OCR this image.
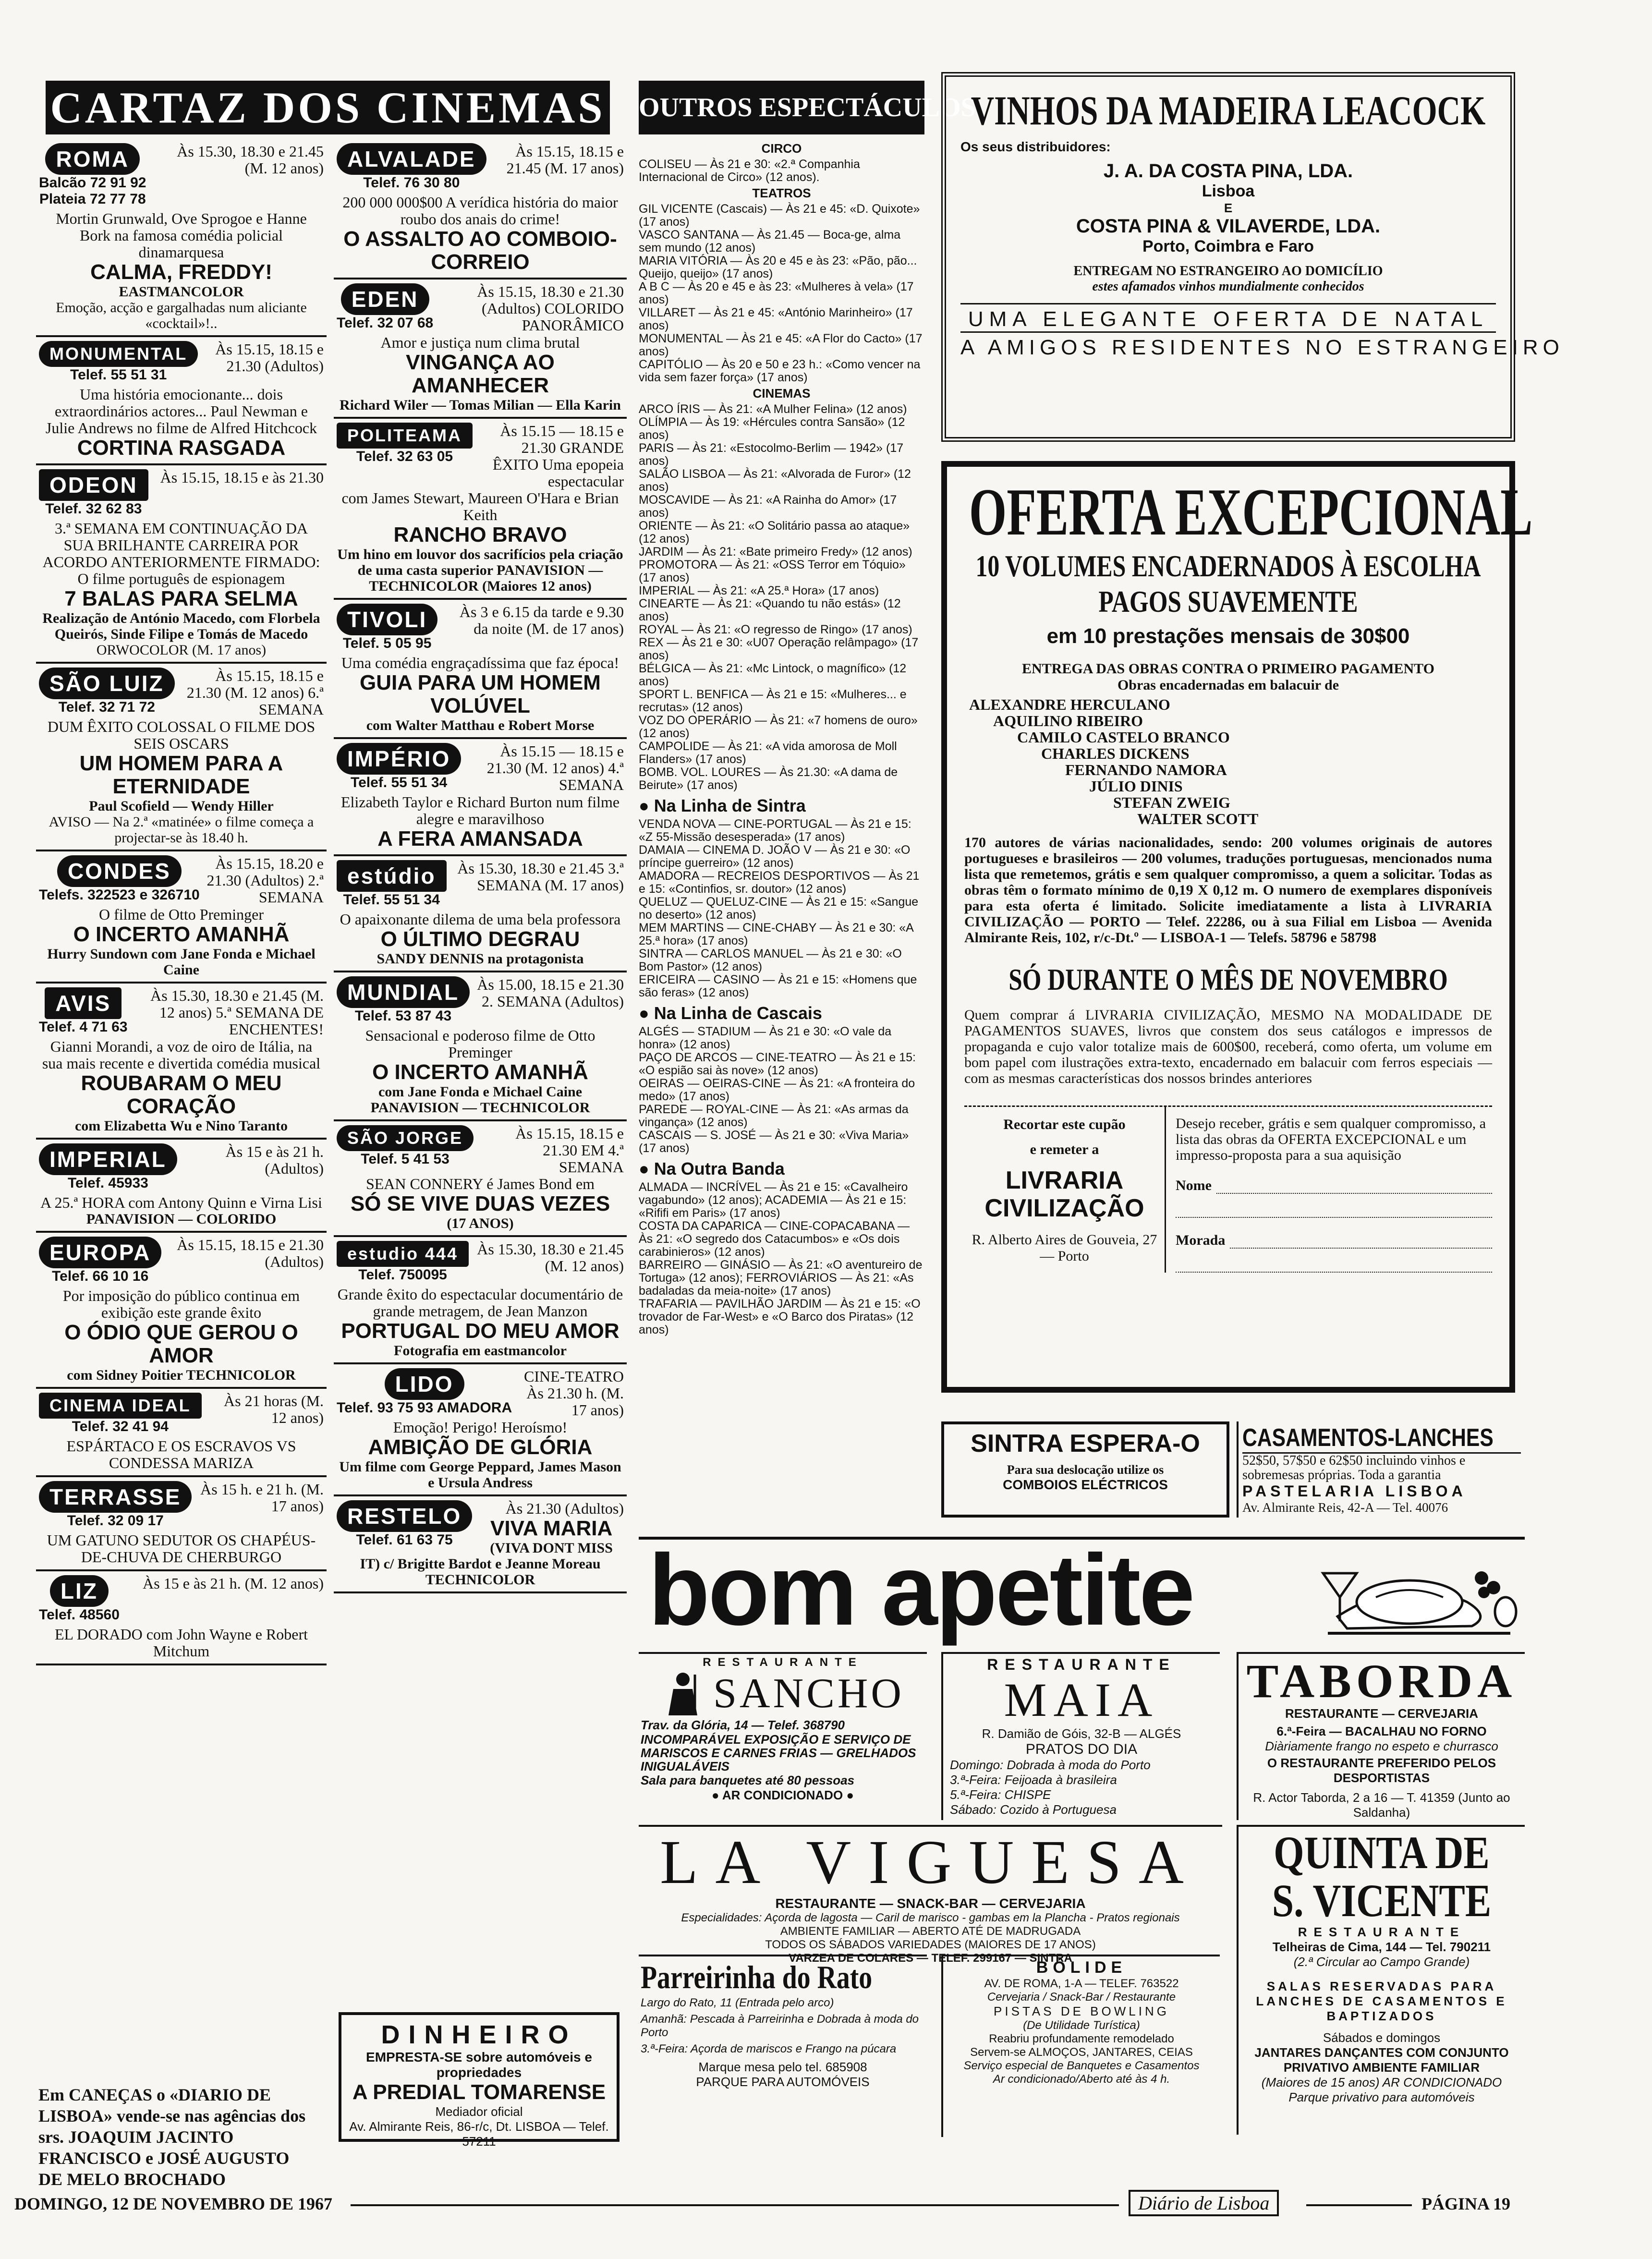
CARTAZ DOS CINEMAS OUTROS ESPECTÁCULOS
ROMA
Balcão 72 91 92
Plateia 72 77 78
Às 15.30, 18.30 e 21.45 (M. 12 anos)
Mortin Grunwald, Ove Sprogoe e Hanne Bork na famosa comédia policial dinamarquesa
CALMA, FREDDY!
EASTMANCOLOR
Emoção, acção e gargalhadas num aliciante «cocktail»!..
MONUMENTAL
Telef. 55 51 31
Às 15.15, 18.15 e 21.30 (Adultos)
Uma história emocionante... dois extraordinários actores... Paul Newman e Julie Andrews no filme de Alfred Hitchcock
CORTINA RASGADA
ODEON
Telef. 32 62 83
Às 15.15, 18.15 e às 21.30
3.ª SEMANA EM CONTINUAÇÃO DA SUA BRILHANTE CARREIRA POR ACORDO ANTERIORMENTE FIRMADO: O filme português de espionagem
7 BALAS PARA SELMA
Realização de António Macedo, com Florbela Queirós, Sinde Filipe e Tomás de Macedo
ORWOCOLOR (M. 17 anos)
SÃO LUIZ
Telef. 32 71 72
Às 15.15, 18.15 e 21.30 (M. 12 anos) 6.ª SEMANA
DUM ÊXITO COLOSSAL O FILME DOS SEIS OSCARS
UM HOMEM PARA A ETERNIDADE
Paul Scofield — Wendy Hiller
AVISO — Na 2.ª «matinée» o filme começa a projectar-se às 18.40 h.
CONDES
Telefs. 322523 e 326710
Às 15.15, 18.20 e 21.30 (Adultos) 2.ª SEMANA
O filme de Otto Preminger
O INCERTO AMANHÃ
Hurry Sundown com Jane Fonda e Michael Caine
AVIS
Telef. 4 71 63
Às 15.30, 18.30 e 21.45 (M. 12 anos) 5.ª SEMANA DE ENCHENTES!
Gianni Morandi, a voz de oiro de Itália, na sua mais recente e divertida comédia musical
ROUBARAM O MEU CORAÇÃO
com Elizabetta Wu e Nino Taranto
IMPERIAL
Telef. 45933
Às 15 e às 21 h. (Adultos)
A 25.ª HORA com Antony Quinn e Virna Lisi
PANAVISION — COLORIDO
EUROPA
Telef. 66 10 16
Às 15.15, 18.15 e 21.30 (Adultos)
Por imposição do público continua em exibição este grande êxito
O ÓDIO QUE GEROU O AMOR
com Sidney Poitier TECHNICOLOR
CINEMA IDEAL
Telef. 32 41 94
Às 21 horas (M. 12 anos)
ESPÁRTACO E OS ESCRAVOS VS CONDESSA MARIZA
TERRASSE
Telef. 32 09 17
Às 15 h. e 21 h. (M. 17 anos)
UM GATUNO SEDUTOR OS CHAPÉUS-DE-CHUVA DE CHERBURGO
LIZ
Telef. 48560
Às 15 e às 21 h. (M. 12 anos)
EL DORADO com John Wayne e Robert Mitchum
ALVALADE
Telef. 76 30 80
Às 15.15, 18.15 e 21.45 (M. 17 anos)
200 000 000$00 A verídica história do maior roubo dos anais do crime!
O ASSALTO AO COMBOIO-CORREIO
EDEN
Telef. 32 07 68
Às 15.15, 18.30 e 21.30 (Adultos) COLORIDO PANORÂMICO
Amor e justiça num clima brutal
VINGANÇA AO AMANHECER
Richard Wiler — Tomas Milian — Ella Karin
POLITEAMA
Telef. 32 63 05
Às 15.15 — 18.15 e 21.30 GRANDE ÊXITO Uma epopeia espectacular
com James Stewart, Maureen O'Hara e Brian Keith
RANCHO BRAVO
Um hino em louvor dos sacrifícios pela criação de uma casta superior PANAVISION — TECHNICOLOR (Maiores 12 anos)
TIVOLI
Telef. 5 05 95
Às 3 e 6.15 da tarde e 9.30 da noite (M. de 17 anos)
Uma comédia engraçadíssima que faz época!
GUIA PARA UM HOMEM VOLÚVEL
com Walter Matthau e Robert Morse
IMPÉRIO
Telef. 55 51 34
Às 15.15 — 18.15 e 21.30 (M. 12 anos) 4.ª SEMANA
Elizabeth Taylor e Richard Burton num filme alegre e maravilhoso
A FERA AMANSADA
estúdio
Telef. 55 51 34
Às 15.30, 18.30 e 21.45 3.ª SEMANA (M. 17 anos)
O apaixonante dilema de uma bela professora
O ÚLTIMO DEGRAU
SANDY DENNIS na protagonista
MUNDIAL
Telef. 53 87 43
Às 15.00, 18.15 e 21.30 2. SEMANA (Adultos)
Sensacional e poderoso filme de Otto Preminger
O INCERTO AMANHÃ
com Jane Fonda e Michael Caine PANAVISION — TECHNICOLOR
SÃO JORGE
Telef. 5 41 53
Às 15.15, 18.15 e 21.30 EM 4.ª SEMANA
SEAN CONNERY é James Bond em
SÓ SE VIVE DUAS VEZES
(17 ANOS)
estudio 444
Telef. 750095
Às 15.30, 18.30 e 21.45 (M. 12 anos)
Grande êxito do espectacular documentário de grande metragem, de Jean Manzon
PORTUGAL DO MEU AMOR
Fotografia em eastmancolor
LIDO
Telef. 93 75 93 AMADORA
CINE-TEATRO Às 21.30 h. (M. 17 anos)
Emoção! Perigo! Heroísmo!
AMBIÇÃO DE GLÓRIA
Um filme com George Peppard, James Mason e Ursula Andress
RESTELO
Telef. 61 63 75
Às 21.30 (Adultos)
VIVA MARIA
(VIVA DONT MISS IT) c/ Brigitte Bardot e Jeanne Moreau TECHNICOLOR
Em CANEÇAS o «DIARIO DE LISBOA» vende-se nas agências dos srs. JOAQUIM JACINTO FRANCISCO e JOSÉ AUGUSTO DE MELO BROCHADO
DINHEIRO
EMPRESTA-SE sobre automóveis e propriedades
A PREDIAL TOMARENSE
Mediador oficial
Av. Almirante Reis, 86-r/c, Dt. LISBOA — Telef. 57211
CIRCO
COLISEU — Às 21 e 30: «2.ª Companhia Internacional de Circo» (12 anos).
TEATROS
GIL VICENTE (Cascais) — Às 21 e 45: «D. Quixote» (17 anos)
VASCO SANTANA — Às 21.45 — Boca-ge, alma sem mundo (12 anos)
MARIA VITÓRIA — Às 20 e 45 e às 23: «Pão, pão... Queijo, queijo» (17 anos)
A B C — Às 20 e 45 e às 23: «Mulheres à vela» (17 anos)
VILLARET — Às 21 e 45: «António Marinheiro» (17 anos)
MONUMENTAL — Às 21 e 45: «A Flor do Cacto» (17 anos)
CAPITÓLIO — Às 20 e 50 e 23 h.: «Como vencer na vida sem fazer força» (17 anos)
CINEMAS
ARCO ÍRIS — Às 21: «A Mulher Felina» (12 anos)
OLÍMPIA — Às 19: «Hércules contra Sansão» (12 anos)
PARIS — Às 21: «Estocolmo-Berlim — 1942» (17 anos)
SALÃO LISBOA — Às 21: «Alvorada de Furor» (12 anos)
MOSCAVIDE — Às 21: «A Rainha do Amor» (17 anos)
ORIENTE — Às 21: «O Solitário passa ao ataque» (12 anos)
JARDIM — Às 21: «Bate primeiro Fredy» (12 anos)
PROMOTORA — Às 21: «OSS Terror em Tóquio» (17 anos)
IMPERIAL — Às 21: «A 25.ª Hora» (17 anos)
CINEARTE — Às 21: «Quando tu não estás» (12 anos)
ROYAL — Às 21: «O regresso de Ringo» (17 anos)
REX — Às 21 e 30: «U07 Operação relâmpago» (17 anos)
BÉLGICA — Às 21: «Mc Lintock, o magnífico» (12 anos)
SPORT L. BENFICA — Às 21 e 15: «Mulheres... e recrutas» (12 anos)
VOZ DO OPERÁRIO — Às 21: «7 homens de ouro» (12 anos)
CAMPOLIDE — Às 21: «A vida amorosa de Moll Flanders» (17 anos)
BOMB. VOL. LOURES — Às 21.30: «A dama de Beirute» (17 anos)
● Na Linha de Sintra
VENDA NOVA — CINE-PORTUGAL — Às 21 e 15: «Z 55-Missão desesperada» (17 anos)
DAMAIA — CINEMA D. JOÃO V — Às 21 e 30: «O príncipe guerreiro» (12 anos)
AMADORA — RECREIOS DESPORTIVOS — Às 21 e 15: «Continfios, sr. doutor» (12 anos)
QUELUZ — QUELUZ-CINE — Às 21 e 15: «Sangue no deserto» (12 anos)
MEM MARTINS — CINE-CHABY — Às 21 e 30: «A 25.ª hora» (17 anos)
SINTRA — CARLOS MANUEL — Às 21 e 30: «O Bom Pastor» (12 anos)
ERICEIRA — CASINO — Às 21 e 15: «Homens que são feras» (12 anos)
● Na Linha de Cascais
ALGÉS — STADIUM — Às 21 e 30: «O vale da honra» (12 anos)
PAÇO DE ARCOS — CINE-TEATRO — Às 21 e 15: «O espião sai às nove» (12 anos)
OEIRAS — OEIRAS-CINE — Às 21: «A fronteira do medo» (17 anos)
PAREDE — ROYAL-CINE — Às 21: «As armas da vingança» (12 anos)
CASCAIS — S. JOSÉ — Às 21 e 30: «Viva Maria» (17 anos)
● Na Outra Banda
ALMADA — INCRÍVEL — Às 21 e 15: «Cavalheiro vagabundo» (12 anos); ACADEMIA — Às 21 e 15: «Rififi em Paris» (17 anos)
COSTA DA CAPARICA — CINE-COPACABANA — Às 21: «O segredo dos Catacumbos» e «Os dois carabinieros» (12 anos)
BARREIRO — GINÁSIO — Às 21: «O aventureiro de Tortuga» (12 anos); FERROVIÁRIOS — Às 21: «As badaladas da meia-noite» (17 anos)
TRAFARIA — PAVILHÃO JARDIM — Às 21 e 15: «O trovador de Far-West» e «O Barco dos Piratas» (12 anos)
VINHOS DA MADEIRA LEACOCK
Os seus distribuidores:
J. A. DA COSTA PINA, LDA.
Lisboa
E
COSTA PINA & VILAVERDE, LDA.
Porto, Coimbra e Faro
ENTREGAM NO ESTRANGEIRO AO DOMICÍLIO
estes afamados vinhos mundialmente conhecidos
UMA ELEGANTE OFERTA DE NATAL
A AMIGOS RESIDENTES NO ESTRANGEIRO
OFERTA EXCEPCIONAL
10 VOLUMES ENCADERNADOS À ESCOLHA
PAGOS SUAVEMENTE
em 10 prestações mensais de 30$00
ENTREGA DAS OBRAS CONTRA O PRIMEIRO PAGAMENTO
Obras encadernadas em balacuir de
ALEXANDRE HERCULANO
AQUILINO RIBEIRO
CAMILO CASTELO BRANCO
CHARLES DICKENS
FERNANDO NAMORA
JÚLIO DINIS
STEFAN ZWEIG
WALTER SCOTT
170 autores de várias nacionalidades, sendo: 200 volumes originais de autores portugueses e brasileiros — 200 volumes, traduções portuguesas, mencionados numa lista que remetemos, grátis e sem qualquer compromisso, a quem a solicitar. Todas as obras têm o formato mínimo de 0,19 X 0,12 m. O numero de exemplares disponíveis para esta oferta é limitado. Solicite imediatamente a lista à LIVRARIA CIVILIZAÇÃO — PORTO — Telef. 22286, ou à sua Filial em Lisboa — Avenida Almirante Reis, 102, r/c-Dt.º — LISBOA-1 — Telefs. 58796 e 58798
SÓ DURANTE O MÊS DE NOVEMBRO
Quem comprar á LIVRARIA CIVILIZAÇÃO, MESMO NA MODALIDADE DE PAGAMENTOS SUAVES, livros que constem dos seus catálogos e impressos de propaganda e cujo valor totalize mais de 600$00, receberá, como oferta, um volume em bom papel com ilustrações extra-texto, encadernado em balacuir com ferros especiais — com as mesmas características dos nossos brindes anteriores
Recortar este cupão
e remeter a
LIVRARIA CIVILIZAÇÃO
R. Alberto Aires de Gouveia, 27 — Porto
Desejo receber, grátis e sem qualquer compromisso, a lista das obras da OFERTA EXCEPCIONAL e um impresso-proposta para a sua aquisição
Nome
Morada
SINTRA ESPERA-O
Para sua deslocação utilize os
COMBOIOS ELÉCTRICOS
CASAMENTOS-LANCHES
52$50, 57$50 e 62$50 incluindo vinhos e sobremesas próprias. Toda a garantia
PASTELARIA LISBOA
Av. Almirante Reis, 42-A — Tel. 40076
bom apetite
RESTAURANTE
SANCHO
Trav. da Glória, 14 — Telef. 368790
INCOMPARÁVEL EXPOSIÇÃO E SERVIÇO DE MARISCOS E CARNES FRIAS — GRELHADOS INIGUALÁVEIS
Sala para banquetes até 80 pessoas
● AR CONDICIONADO ●
RESTAURANTE
MAIA
R. Damião de Góis, 32-B — ALGÉS
PRATOS DO DIA
Domingo: Dobrada à moda do Porto
3.ª-Feira: Feijoada à brasileira
5.ª-Feira: CHISPE
Sábado: Cozido à Portuguesa
TABORDA
RESTAURANTE — CERVEJARIA
6.ª-Feira — BACALHAU NO FORNO
Diàriamente frango no espeto e churrasco
O RESTAURANTE PREFERIDO PELOS DESPORTISTAS
R. Actor Taborda, 2 a 16 — T. 41359 (Junto ao Saldanha)
LA VIGUESA
RESTAURANTE — SNACK-BAR — CERVEJARIA
Especialidades: Açorda de lagosta — Caril de marisco - gambas em la Plancha - Pratos regionais
AMBIENTE FAMILIAR — ABERTO ATÉ DE MADRUGADA
TODOS OS SÁBADOS VARIEDADES (MAIORES DE 17 ANOS)
VARZEA DE COLARES — TELEF. 299167 — SINTRA
QUINTA DE
S. VICENTE
RESTAURANTE
Telheiras de Cima, 144 — Tel. 790211
(2.ª Circular ao Campo Grande)
SALAS RESERVADAS PARA LANCHES DE CASAMENTOS E BAPTIZADOS
Sábados e domingos
JANTARES DANÇANTES COM CONJUNTO PRIVATIVO AMBIENTE FAMILIAR
(Maiores de 15 anos) AR CONDICIONADO
Parque privativo para automóveis
Parreirinha do Rato
Largo do Rato, 11 (Entrada pelo arco)
Amanhã: Pescada à Parreirinha e Dobrada à moda do Porto
3.ª-Feira: Açorda de mariscos e Frango na púcara
Marque mesa pelo tel. 685908
PARQUE PARA AUTOMÓVEIS
BÓLIDE
AV. DE ROMA, 1-A — TELEF. 763522
Cervejaria / Snack-Bar / Restaurante
PISTAS DE BOWLING
(De Utilidade Turística)
Reabriu profundamente remodelado
Servem-se ALMOÇOS, JANTARES, CEIAS
Serviço especial de Banquetes e Casamentos
Ar condicionado/Aberto até às 4 h.
DOMINGO, 12 DE NOVEMBRO DE 1967	Diário de Lisboa	PÁGINA 19
